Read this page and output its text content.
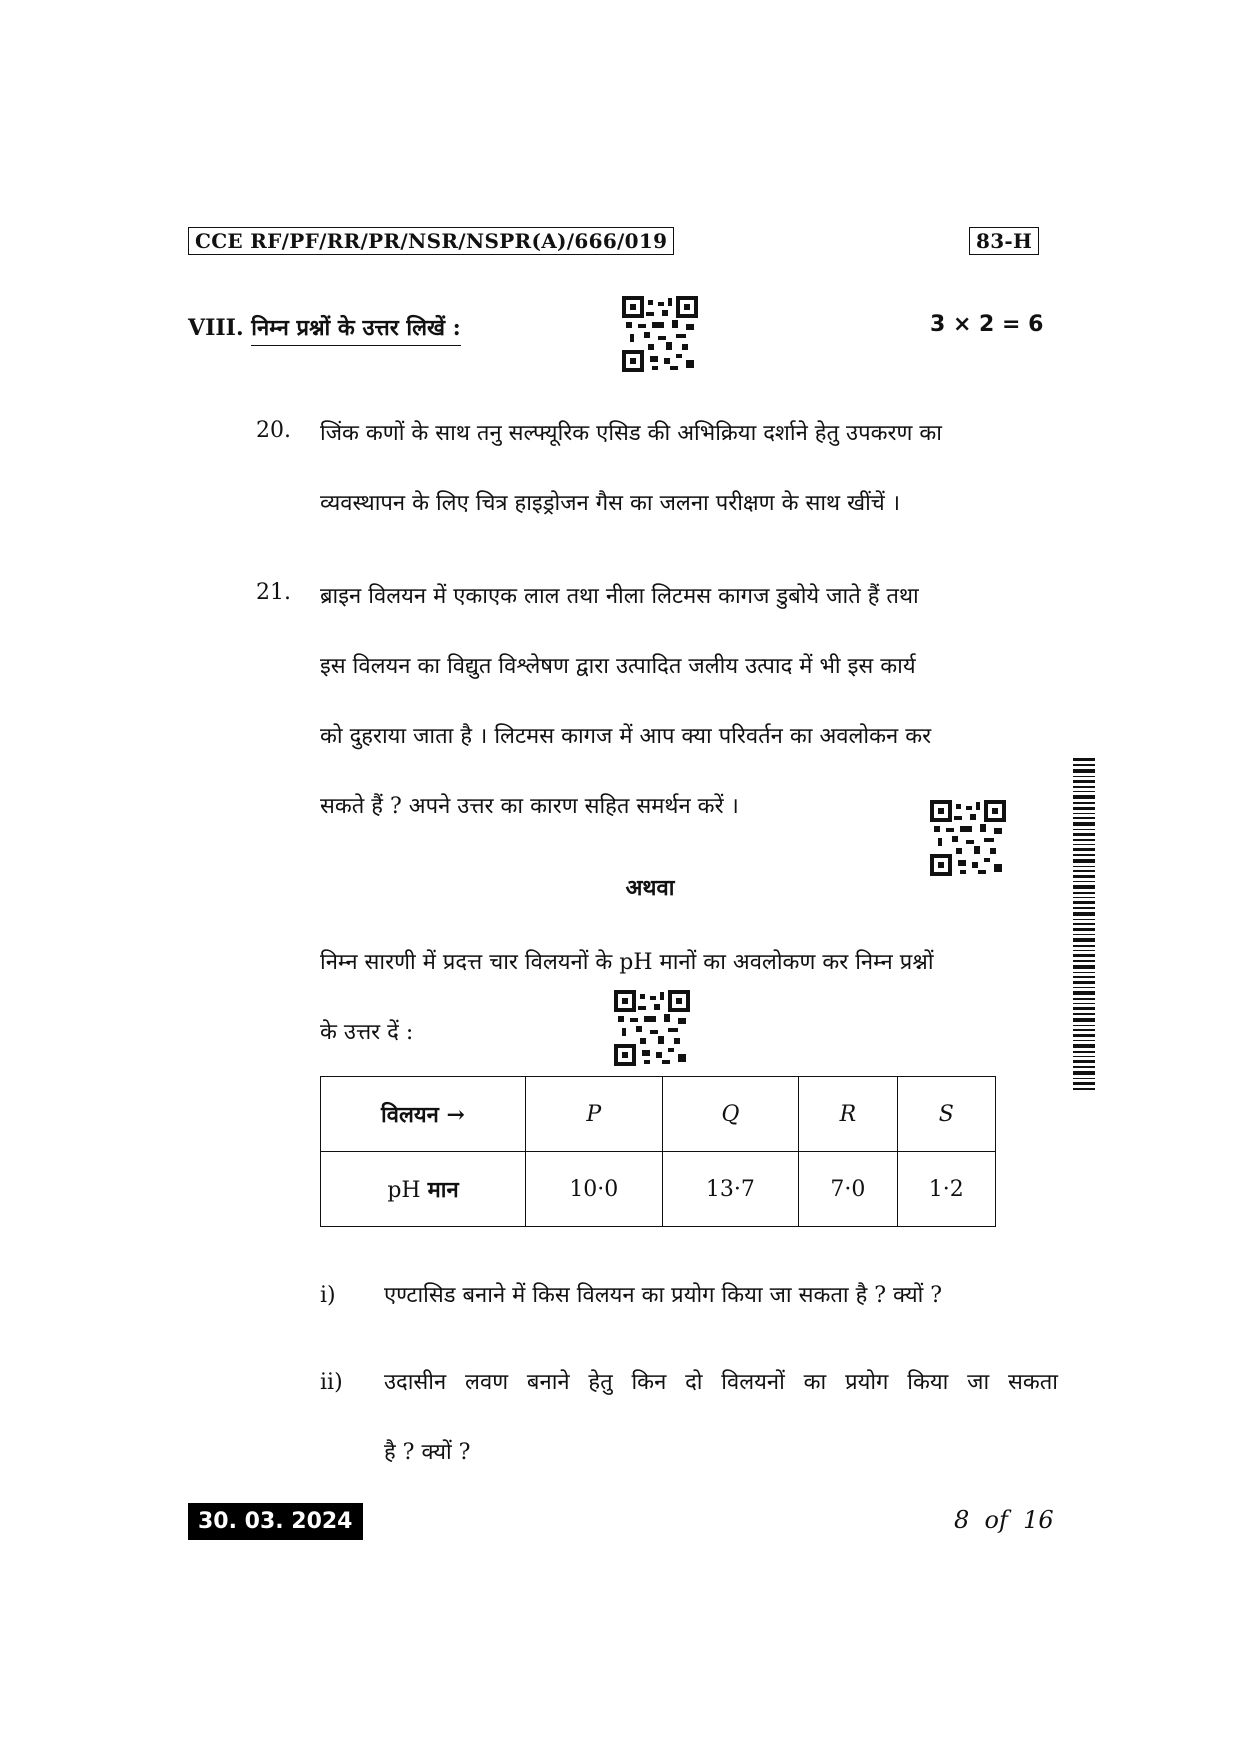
CCE RF/PF/RR/PR/NSR/NSPR(A)/666/019	83-H
VIII. निम्न प्रश्नों के उत्तर लिखें :	3 × 2 = 6
20. जिंक कणों के साथ तनु सल्फ्यूरिक एसिड की अभिक्रिया दर्शाने हेतु उपकरण का
व्यवस्थापन के लिए चित्र हाइड्रोजन गैस का जलना परीक्षण के साथ खींचें ।
21. ब्राइन विलयन में एकाएक लाल तथा नीला लिटमस कागज डुबोये जाते हैं तथा
इस विलयन का विद्युत विश्लेषण द्वारा उत्पादित जलीय उत्पाद में भी इस कार्य
को दुहराया जाता है । लिटमस कागज में आप क्या परिवर्तन का अवलोकन कर
सकते हैं ? अपने उत्तर का कारण सहित समर्थन करें ।
अथवा
निम्न सारणी में प्रदत्त चार विलयनों के pH मानों का अवलोकण कर निम्न प्रश्नों
के उत्तर दें :
विलयन →	P	Q	R	S
pH मान	10·0	13·7	7·0	1·2
i) एण्टासिड बनाने में किस विलयन का प्रयोग किया जा सकता है ? क्यों ?
ii) उदासीन लवण बनाने हेतु किन दो विलयनों का प्रयोग किया जा सकता
है ? क्यों ?
30. 03. 2024	8  of  16
